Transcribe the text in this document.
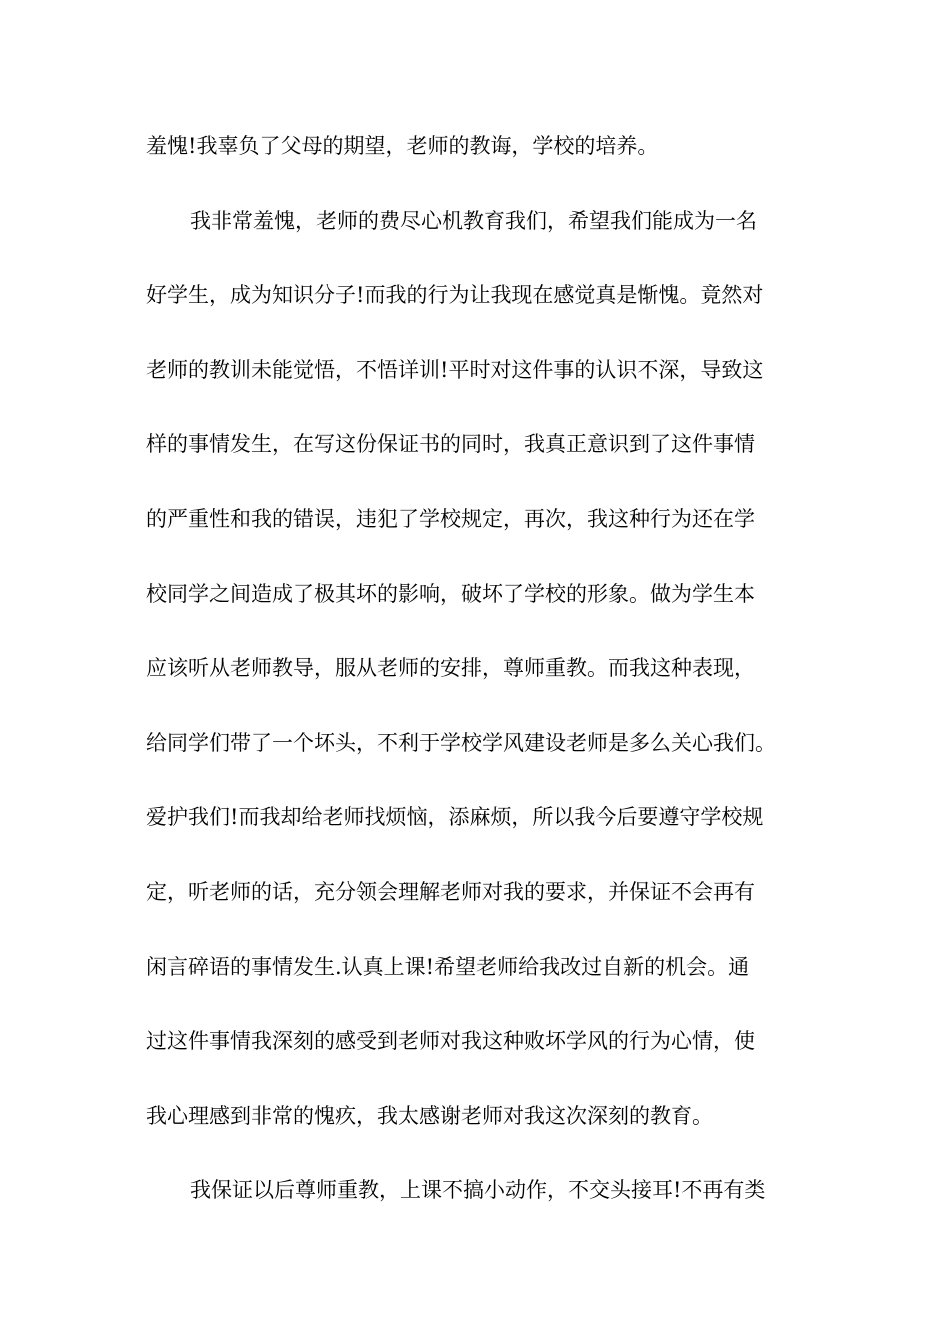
羞愧!我辜负了父母的期望，老师的教诲，学校的培养。
我非常羞愧，老师的费尽心机教育我们，希望我们能成为一名
好学生，成为知识分子!而我的行为让我现在感觉真是惭愧。竟然对
老师的教训未能觉悟，不悟详训!平时对这件事的认识不深，导致这
样的事情发生，在写这份保证书的同时，我真正意识到了这件事情
的严重性和我的错误，违犯了学校规定，再次，我这种行为还在学
校同学之间造成了极其坏的影响，破坏了学校的形象。做为学生本
应该听从老师教导，服从老师的安排，尊师重教。而我这种表现，
给同学们带了一个坏头，不利于学校学风建设老师是多么关心我们。
爱护我们!而我却给老师找烦恼，添麻烦，所以我今后要遵守学校规
定，听老师的话，充分领会理解老师对我的要求，并保证不会再有
闲言碎语的事情发生.认真上课!希望老师给我改过自新的机会。通
过这件事情我深刻的感受到老师对我这种败坏学风的行为心情，使
我心理感到非常的愧疚，我太感谢老师对我这次深刻的教育。
我保证以后尊师重教，上课不搞小动作，不交头接耳!不再有类
